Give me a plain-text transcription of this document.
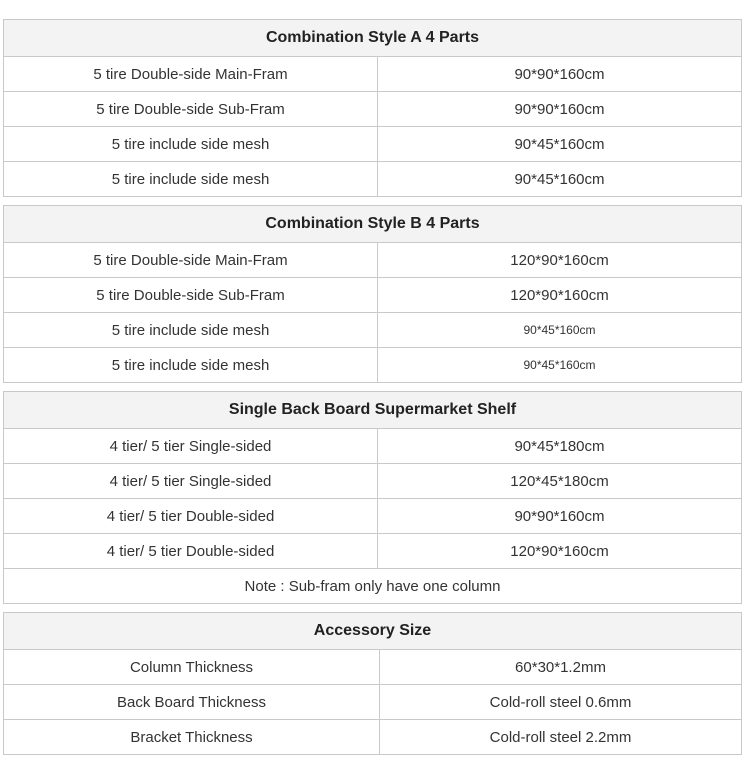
Combination Style A 4 Parts	
5 tire Double-side Main-Fram	90*90*160cm
5 tire Double-side Sub-Fram	90*90*160cm
5 tire include side mesh	90*45*160cm
5 tire include side mesh	90*45*160cm
Combination Style B 4 Parts	
5 tire Double-side Main-Fram	120*90*160cm
5 tire Double-side Sub-Fram	120*90*160cm
5 tire include side mesh	90*45*160cm
5 tire include side mesh	90*45*160cm
Single Back Board Supermarket Shelf	
4 tier/ 5 tier Single-sided	90*45*180cm
4 tier/ 5 tier Single-sided	120*45*180cm
4 tier/ 5 tier Double-sided	90*90*160cm
4 tier/ 5 tier Double-sided	120*90*160cm
Note : Sub-fram only have one column	
Accessory Size	
Column Thickness	60*30*1.2mm
Back Board Thickness	Cold-roll steel 0.6mm
Bracket Thickness	Cold-roll steel 2.2mm
